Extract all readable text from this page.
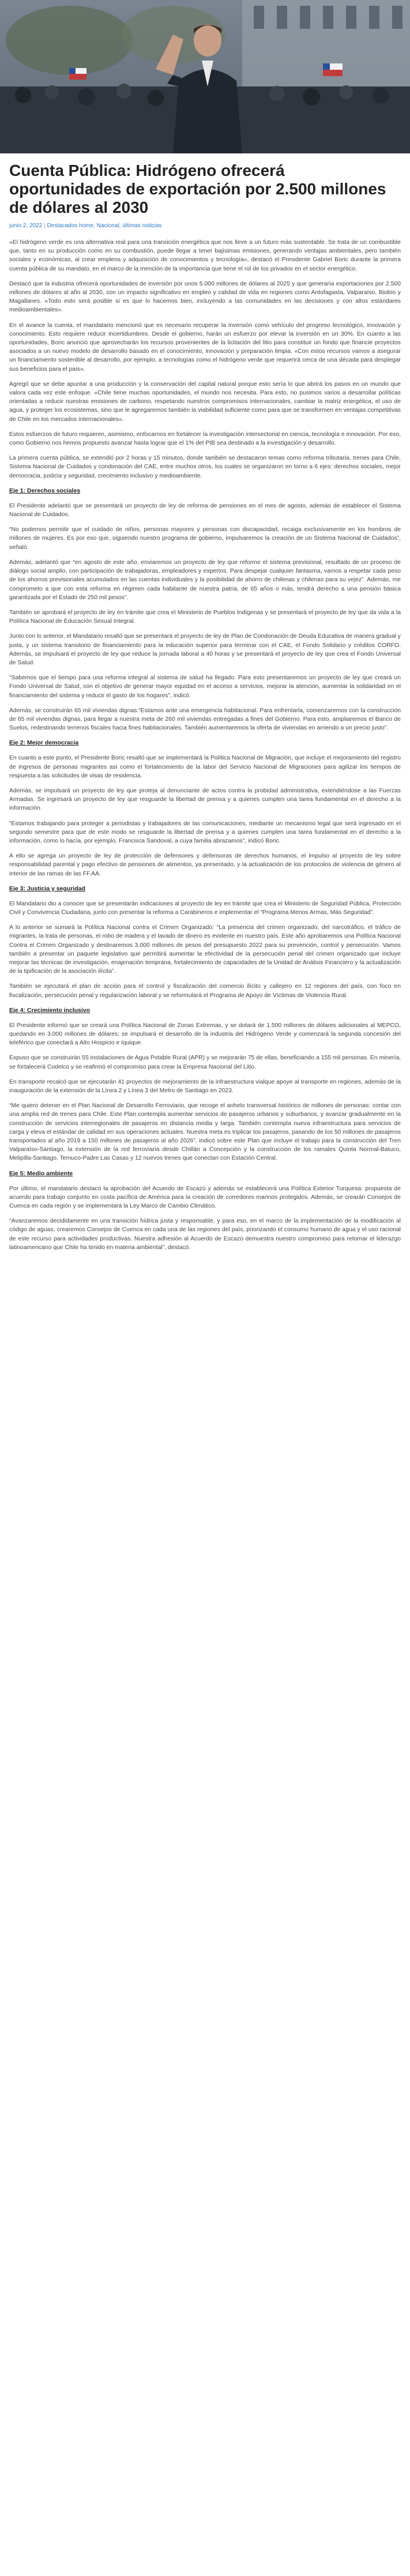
Cuenta Pública: Hidrógeno ofrecerá oportunidades de exportación por 2.500 millones de dólares al 2030
junio 2, 2022 | Destacados home, Nacional, últimas noticias

«El hidrógeno verde es una alternativa real para una transición energética que nos lleve a un futuro más sustentable. Se trata de un combustible que, tanto en su producción como en su combustión, puede llegar a tener bajísimas emisiones, generando ventajas ambientales, pero también sociales y económicas, al crear empleos y adquisición de conocimientos y tecnología», destacó el Presidente Gabriel Boric durante la primera cuenta pública de su mandato, en el marco de la mención de la importancia que tiene el rol de los privados en el sector energético.

Destacó que la industria ofrecerá oportunidades de inversión por unos 5.000 millones de dólares al 2025 y que generaría exportaciones por 2.500 millones de dólares al año al 2030, con un impacto significativo en empleo y calidad de vida en regiones como Antofagasta, Valparaíso, Biobío y Magallanes. «Todo esto será posible si es que lo hacemos bien, incluyendo a las comunidades en las decisiones y con altos estándares medioambientales».

En el avance la cuenta, el mandatario mencionó que es necesario recuperar la inversión como vehículo del progreso tecnológico, innovación y conocimiento. Esto requiere reducir incertidumbres. Desde el gobierno, harán un esfuerzo por elevar la inversión en un 30%. En cuanto a las oportunidades, Boric anunció que aprovecharán los recursos provenientes de la licitación del litio para constituir un fondo que financie proyectos asociados a un nuevo modelo de desarrollo basado en el conocimiento, innovación y preparación limpia. «Con estos recursos vamos a asegurar un financiamiento sostenible al desarrollo, por ejemplo, a tecnologías como el hidrógeno verde que requerirá cerca de una década para desplegar sus beneficios para el país».

Agregó que se debe apuntar a una producción y la conservación del capital natural porque esto sería lo que abrirá los pasos en un mundo que valora cada vez este enfoque. «Chile tiene muchas oportunidades, el mundo nos necesita. Para esto, no pusimos varios a desarrollar políticas orientadas a reducir nuestras emisiones de carbono, respetando nuestros compromisos internacionales, cambiar la matriz energética, el uso de agua, y proteger los ecosistemas, sino que le agregaremos también la viabilidad suficiente como para que se transformen en ventajas competitivas de Chile en los mercados internacionales».

Estos esfuerzos de futuro requieren, asimismo, enfocarnos en fortalecer la investigación intersectorial en ciencia, tecnología e innovación. Por eso, como Gobierno nos hemos propuesto avanzar hasta lograr que el 1% del PIB sea destinado a la investigación y desarrollo.

La primera cuenta pública, se extendió por 2 horas y 15 minutos, donde también se destacaron temas como reforma tributaria, trenes para Chile, Sistema Nacional de Cuidados y condonación del CAE, entre muchos otros, los cuales se organizaron en torno a 6 ejes: derechos sociales, mejor democracia, justicia y seguridad, crecimiento inclusivo y medioambiente.

Eje 1: Derechos sociales

El Presidente adelantó que se presentará un proyecto de ley de reforma de pensiones en el mes de agosto, además de establecer el Sistema Nacional de Cuidados.

“No podemos permitir que el cuidado de niños, personas mayores y personas con discapacidad, recaiga exclusivamente en los hombros de millones de mujeres. Es por eso que, siguiendo nuestro programa de gobierno, impulsaremos la creación de un Sistema Nacional de Cuidados”, señaló.

Además, adelantó que “en agosto de este año, enviaremos un proyecto de ley que reforme el sistema previsional, resultado de un proceso de diálogo social amplio, con participación de trabajadoras, empleadores y expertos. Para despejar cualquier fantasma, vamos a respetar cada peso de los ahorros previsionales acumulados en las cuentas individuales y la posibilidad de ahorro de chilenas y chilenas para su vejez”. Además, me comprometo a que con esta reforma en régimen cada habitante de nuestra patria, de 65 años o más, tendrá derecho a una pensión básica garantizada por el Estado de 250 mil pesos”.

También se aprobará el proyecto de ley en trámite que crea el Ministerio de Pueblos Indígenas y se presentará el proyecto de ley que da vida a la Política Nacional de Educación Sexual Integral.

Junto con lo anterior, el Mandatario resaltó que se presentará el proyecto de ley de Plan de Condonación de Deuda Educativa de manera gradual y justa, y un sistema transitorio de financiamiento para la educación superior para terminar con el CAE, el Fondo Solidario y créditos CORFO. Además, se impulsará el proyecto de ley que reduce la jornada laboral a 40 horas y se presentará el proyecto de ley que crea el Fondo Universal de Salud.

“Sabemos que el tiempo para una reforma integral al sistema de salud ha llegado. Para esto presentaremos un proyecto de ley que creará un Fondo Universal de Salud, con el objetivo de generar mayor equidad en el acceso a servicios, mejorar la atención, aumentar la solidaridad en el financiamiento del sistema y reducir el gasto de los hogares”, indicó.

Además, se construirán 65 mil viviendas dignas.“Estamos ante una emergencia habitacional. Para enfrentarla, comenzaremos con la construcción de 65 mil viviendas dignas, para llegar a nuestra meta de 260 mil viviendas entregadas a fines del Gobierno. Para esto, ampliaremos el Banco de Suelos, redestinando terrenos fiscales hacia fines habitacionales. También aumentaremos la oferta de viviendas en arriendo a un precio justo”.

Eje 2: Mejor democracia

En cuanto a este punto, el Presidente Boric resaltó que se implementará la Política Nacional de Migración, que incluye el mejoramiento del registro de ingresos de personas migrantes así como el fortalecimiento de la labor del Servicio Nacional de Migraciones para agilizar los tiempos de respuesta a las solicitudes de visas de residencia.

Además, se impulsará un proyecto de ley que proteja al denunciante de actos contra la probidad administrativa, extendiéndose a las Fuerzas Armadas. Se ingresará un proyecto de ley que resguarde la libertad de prensa y a quienes cumplen una tarea fundamental en el derecho a la información.

“Estamos trabajando para proteger a periodistas y trabajadores de las comunicaciones, mediante un mecanismo legal que será ingresado en el segundo semestre para que de este modo se resguarde la libertad de prensa y a quienes cumplen una tarea fundamental en el derecho a la información, como lo hacía, por ejemplo, Francisca Sandoval, a cuya familia abrazamos”, indicó Boric.

A ello se agrega un proyecto de ley de protección de defensores y defensoras de derechos humanos, el impulso al proyecto de ley sobre responsabilidad parental y pago efectivo de pensiones de alimentos, ya presentado, y la actualización de los protocolos de violencia de género al interior de las ramas de las FF.AA.

Eje 3: Justicia y seguridad

El Mandatario dio a conocer que se presentarán indicaciones al proyecto de ley en trámite que crea el Ministerio de Seguridad Pública, Protección Civil y Convivencia Ciudadana, junto con presentar la reforma a Carabineros e implementar el “Programa Menos Armas, Más Seguridad”.

A lo anterior se sumará la Política Nacional contra el Crimen Organizado: “La presencia del crimen organizado, del narcotráfico, el tráfico de migrantes, la trata de personas, el robo de madera y el lavado de dinero es evidente en nuestro país. Este año aprobaremos una Política Nacional Contra el Crimen Organizado y destinaremos 3.000 millones de pesos del presupuesto 2022 para su prevención, control y persecución. Vamos también a presentar un paquete legislativo que permitirá aumentar la efectividad de la persecución penal del crimen organizado que incluye mejorar las técnicas de investigación, enajenación temprana, fortalecimiento de capacidades de la Unidad de Análisis Financiero y la actualización de la tipificación de la asociación ilícita”.

También se ejecutará el plan de acción para el control y fiscalización del comercio ilícito y callejero en 12 regiones del país, con foco en fiscalización, persecución penal y regularización laboral y se reformulará el Programa de Apoyo de Víctimas de Violencia Rural.

Eje 4: Crecimiento inclusivo

El Presidente informó que se creará una Política Nacional de Zonas Extremas, y se dotará de 1.500 millones de dólares adicionales al MEPCO, quedando en 3.000 millones de dólares; se impulsará el desarrollo de la industria del Hidrógeno Verde y comenzará la segunda concesión del teleférico que conectará a Alto Hospicio e Iquique.

Expuso que se construirán 55 instalaciones de Agua Potable Rural (APR) y se mejorarán 75 de ellas, beneficiando a 155 mil personas. En minería, se fortalecerá Codelco y se reafirmó el compromiso para crear la Empresa Nacional del Litio.

En transporte recalcó que se ejecutarán 41 proyectos de mejoramiento de la infraestructura vialque apoye al transporte en regiones, además de la inauguración de la extensión de la Línea 2 y Línea 3 del Metro de Santiago en 2023.

“Me quiero detener en el Plan Nacional de Desarrollo Ferroviario, que recoge el anhelo transversal histórico de millones de personas: contar con una amplia red de trenes para Chile. Este Plan contempla aumentar servicios de pasajeros urbanos y suburbanos, y avanzar gradualmente en la construcción de servicios interregionales de pasajeros en distancia media y larga. También contempla nueva infraestructura para servicios de carga y eleva el estándar de calidad en sus operaciones actuales. Nuestra meta es triplicar los pasajeros, pasando de los 50 millones de pasajeros transportados al año 2019 a 150 millones de pasajeros al año 2026”, indicó sobre este Plan que incluye el trabajo para la construcción del Tren Valparaíso-Santiago, la extensión de la red ferroviaria desde Chillán a Concepción y la construcción de los ramales Quinta Normal-Batuco, Melipilla-Santiago, Temuco-Padre Las Casas y 12 nuevos trenes que conectan con Estación Central.

Eje 5: Medio ambiente

Por último, el mandatario destacó la aprobación del Acuerdo de Escazú y además se establecerá una Política Exterior Turquesa: propuesta de acuerdo para trabajo conjunto en costa pacífica de América para la creación de corredores marinos protegidos. Además, se crearán Consejos de Cuenca en cada región y se implementará la Ley Marco de Cambio Climático.

“Avanzaremos decididamente en una transición hídrica justa y responsable, y para eso, en el marco de la implementación de la modificación al código de aguas, crearemos Consejos de Cuenca en cada una de las regiones del país, priorizando el consumo humano de agua y el uso racional de este recurso para actividades productivas. Nuestra adhesión al Acuerdo de Escazú demuestra nuestro compromiso para retomar el liderazgo latinoamericano que Chile ha tenido en materia ambiental”, destacó.
